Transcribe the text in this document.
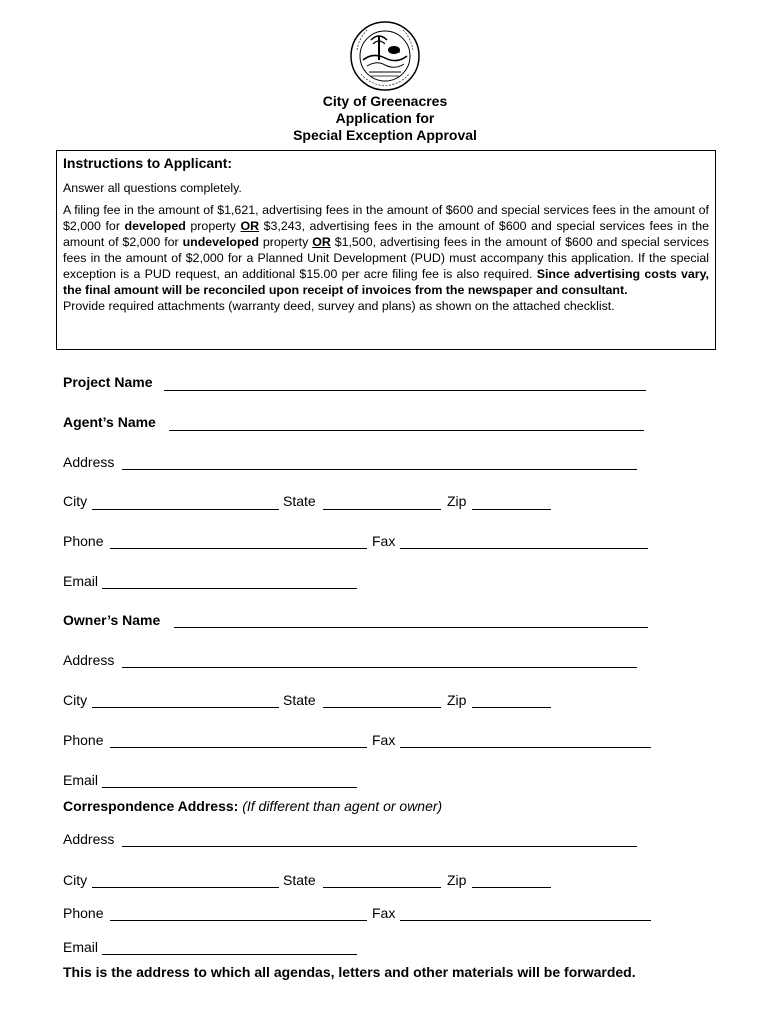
City of Greenacres
Application for
Special Exception Approval
Instructions to Applicant:

Answer all questions completely.

A filing fee in the amount of $1,621, advertising fees in the amount of $600 and special services fees in the amount of $2,000 for developed property OR $3,243, advertising fees in the amount of $600 and special services fees in the amount of $2,000 for undeveloped property OR $1,500, advertising fees in the amount of $600 and special services fees in the amount of $2,000 for a Planned Unit Development (PUD) must accompany this application. If the special exception is a PUD request, an additional $15.00 per acre filing fee is also required. Since advertising costs vary, the final amount will be reconciled upon receipt of invoices from the newspaper and consultant.

Provide required attachments (warranty deed, survey and plans) as shown on the attached checklist.

Project Name
Agent’s Name
Address
City	State	Zip
Phone	Fax
Email
Owner’s Name
Address
City	State	Zip
Phone	Fax
Email
Correspondence Address: (If different than agent or owner)
Address
City	State	Zip
Phone	Fax
Email
This is the address to which all agendas, letters and other materials will be forwarded.
